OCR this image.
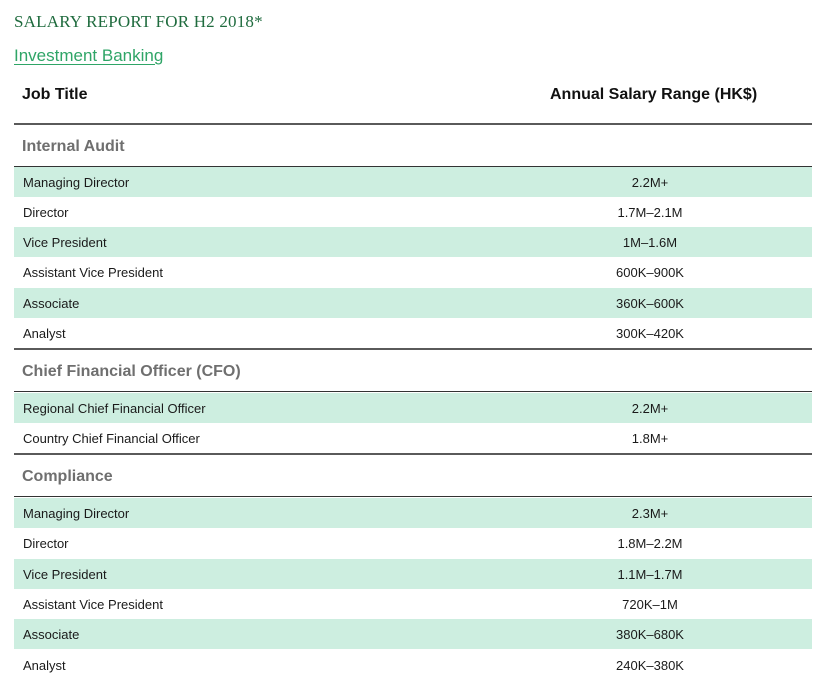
SALARY REPORT FOR H2 2018*
Investment Banking
Job Title	Annual Salary Range (HK$)
Internal Audit
Managing Director	2.2M+
Director	1.7M–2.1M
Vice President	1M–1.6M
Assistant Vice President	600K–900K
Associate	360K–600K
Analyst	300K–420K
Chief Financial Officer (CFO)
Regional Chief Financial Officer	2.2M+
Country Chief Financial Officer	1.8M+
Compliance
Managing Director	2.3M+
Director	1.8M–2.2M
Vice President	1.1M–1.7M
Assistant Vice President	720K–1M
Associate	380K–680K
Analyst	240K–380K
